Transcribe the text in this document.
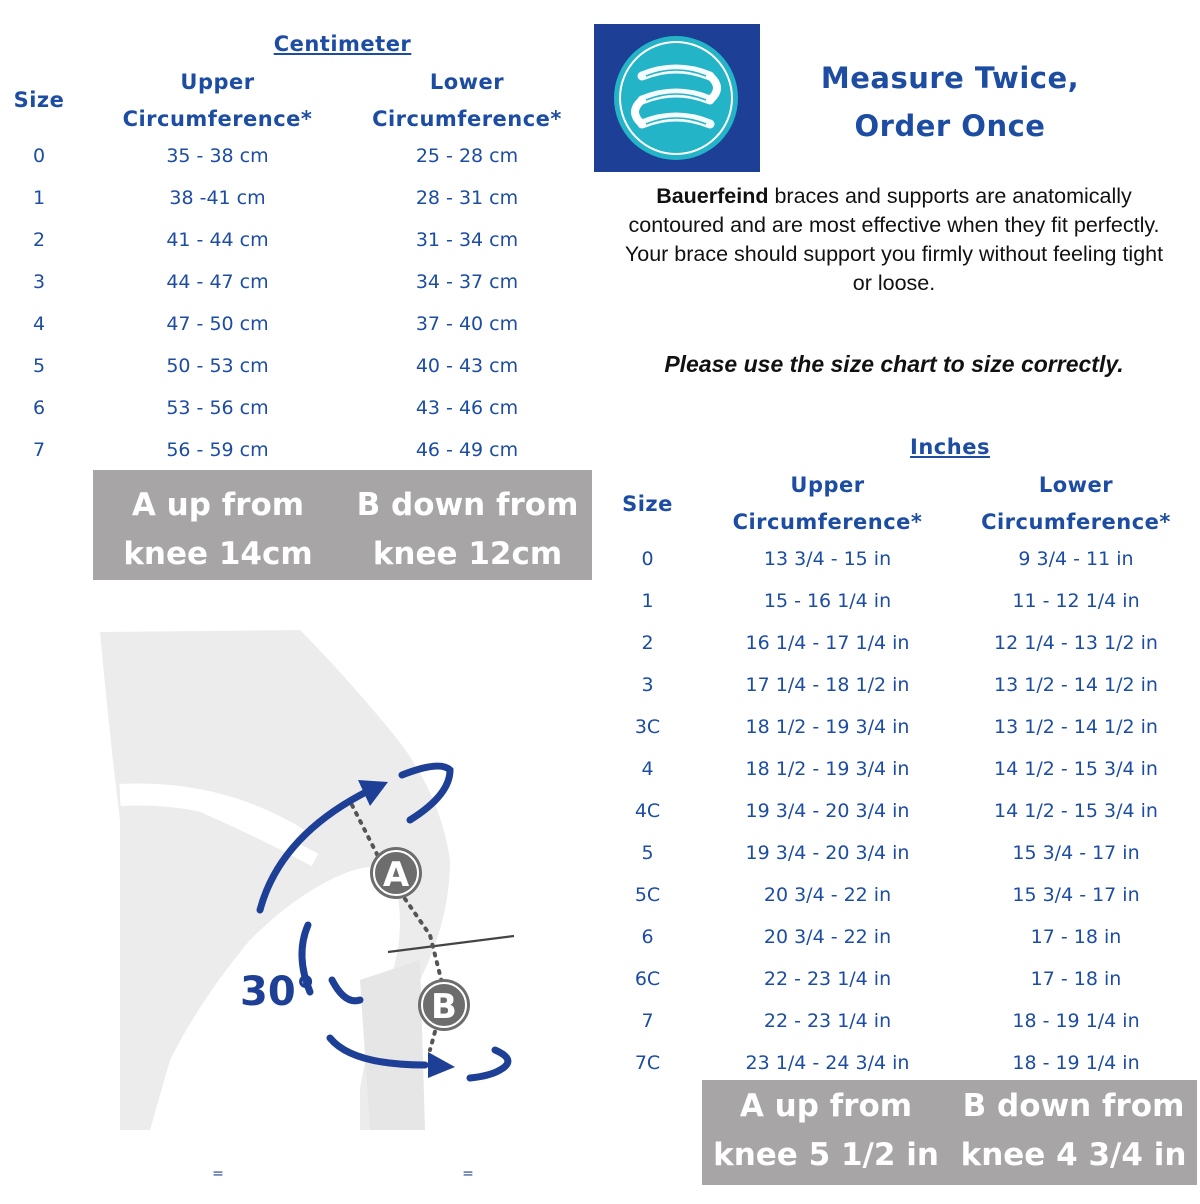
Centimeter
Size
Upper
Circumference*
Lower
Circumference*
0	35 - 38 cm	25 - 28 cm
1	38 -41 cm	28 - 31 cm
2	41 - 44 cm	31 - 34 cm
3	44 - 47 cm	34 - 37 cm
4	47 - 50 cm	37 - 40 cm
5	50 - 53 cm	40 - 43 cm
6	53 - 56 cm	43 - 46 cm
7	56 - 59 cm	46 - 49 cm
A up from
knee 14cm
B down from
knee 12cm
Measure Twice,
Order Once
Bauerfeind braces and supports are anatomically
contoured and are most effective when they fit perfectly.
Your brace should support you firmly without feeling tight
or loose.
Please use the size chart to size correctly.
Inches
Size
Upper
Circumference*
Lower
Circumference*
0	13 3/4 - 15 in	9 3/4 - 11 in
1	15 - 16 1/4 in	11 - 12 1/4 in
2	16 1/4 - 17 1/4 in	12 1/4 - 13 1/2 in
3	17 1/4 - 18 1/2 in	13 1/2 - 14 1/2 in
3C	18 1/2 - 19 3/4 in	13 1/2 - 14 1/2 in
4	18 1/2 - 19 3/4 in	14 1/2 - 15 3/4 in
4C	19 3/4 - 20 3/4 in	14 1/2 - 15 3/4 in
5	19 3/4 - 20 3/4 in	15 3/4 - 17 in
5C	20 3/4 - 22 in	15 3/4 - 17 in
6	20 3/4 - 22 in	17 - 18 in
6C	22 - 23 1/4 in	17 - 18 in
7	22 - 23 1/4 in	18 - 19 1/4 in
7C	23 1/4 - 24 3/4 in	18 - 19 1/4 in
A up from
knee 5 1/2 in
B down from
knee 4 3/4 in
A
B
30°
=	=
